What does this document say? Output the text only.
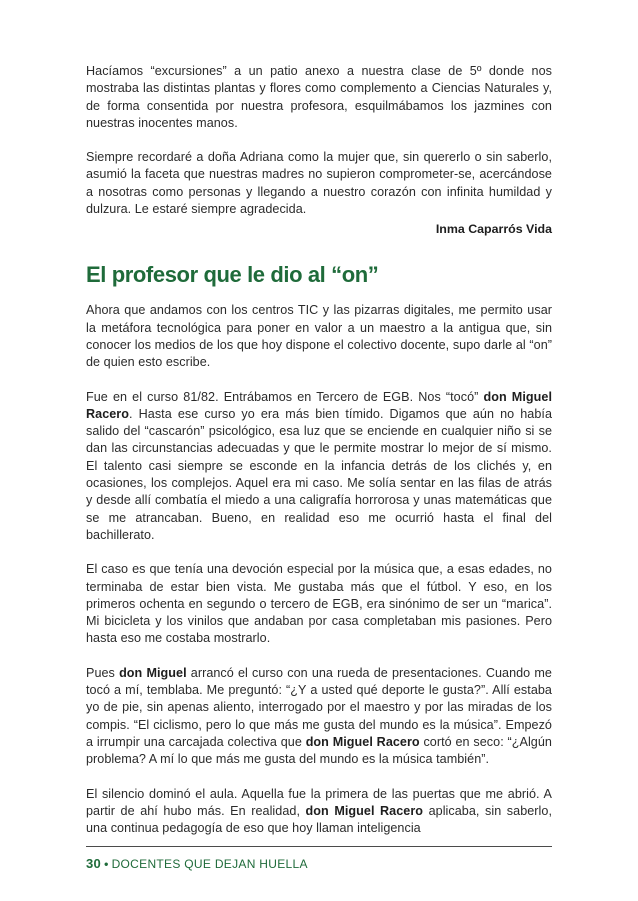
Hacíamos “excursiones” a un patio anexo a nuestra clase de 5º donde nos mostraba las distintas plantas y flores como complemento a Ciencias Naturales y, de forma consentida por nuestra profesora, esquilmábamos los jazmines con nuestras inocentes manos.

Siempre recordaré a doña Adriana como la mujer que, sin quererlo o sin saberlo, asumió la faceta que nuestras madres no supieron comprometer-se, acercándose a nosotras como personas y llegando a nuestro corazón con infinita humildad y dulzura. Le estaré siempre agradecida.

Inma Caparrós Vida
El profesor que le dio al “on”

Ahora que andamos con los centros TIC y las pizarras digitales, me permito usar la metáfora tecnológica para poner en valor a un maestro a la antigua que, sin conocer los medios de los que hoy dispone el colectivo docente, supo darle al “on” de quien esto escribe.

Fue en el curso 81/82. Entrábamos en Tercero de EGB. Nos “tocó” don Miguel Racero. Hasta ese curso yo era más bien tímido. Digamos que aún no había salido del “cascarón” psicológico, esa luz que se enciende en cualquier niño si se dan las circunstancias adecuadas y que le permite mostrar lo mejor de sí mismo. El talento casi siempre se esconde en la infancia detrás de los clichés y, en ocasiones, los complejos. Aquel era mi caso. Me solía sentar en las filas de atrás y desde allí combatía el miedo a una caligrafía horrorosa y unas matemáticas que se me atrancaban. Bueno, en realidad eso me ocurrió hasta el final del bachillerato.

El caso es que tenía una devoción especial por la música que, a esas edades, no terminaba de estar bien vista. Me gustaba más que el fútbol. Y eso, en los primeros ochenta en segundo o tercero de EGB, era sinónimo de ser un “marica”. Mi bicicleta y los vinilos que andaban por casa completaban mis pasiones. Pero hasta eso me costaba mostrarlo.

Pues don Miguel arrancó el curso con una rueda de presentaciones. Cuando me tocó a mí, temblaba. Me preguntó: “¿Y a usted qué deporte le gusta?”. Allí estaba yo de pie, sin apenas aliento, interrogado por el maestro y por las miradas de los compis. “El ciclismo, pero lo que más me gusta del mundo es la música”. Empezó a irrumpir una carcajada colectiva que don Miguel Racero cortó en seco: “¿Algún problema? A mí lo que más me gusta del mundo es la música también”.

El silencio dominó el aula. Aquella fue la primera de las puertas que me abrió. A partir de ahí hubo más. En realidad, don Miguel Racero aplicaba, sin saberlo, una continua pedagogía de eso que hoy llaman inteligencia

30 • DOCENTES QUE DEJAN HUELLA
